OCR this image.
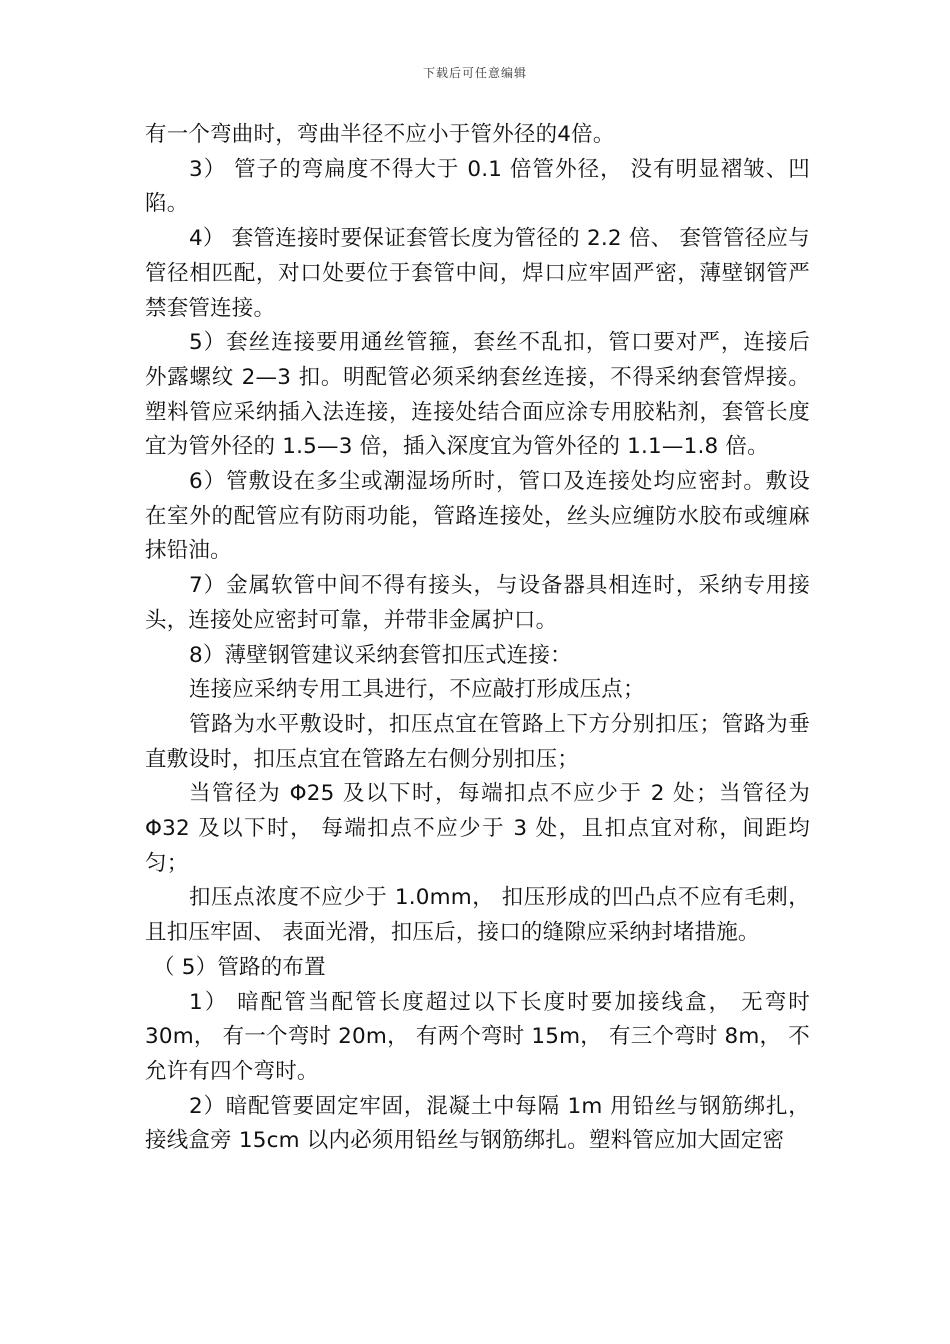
下载后可任意编辑

有一个弯曲时，弯曲半径不应小于管外径的4倍。

3） 管子的弯扁度不得大于 0.1 倍管外径， 没有明显褶皱、凹陷。

4） 套管连接时要保证套管长度为管径的 2.2 倍、 套管管径应与管径相匹配，对口处要位于套管中间，焊口应牢固严密，薄壁钢管严禁套管连接。

5）套丝连接要用通丝管箍，套丝不乱扣，管口要对严，连接后外露螺纹 2—3 扣。明配管必须采纳套丝连接，不得采纳套管焊接。塑料管应采纳插入法连接，连接处结合面应涂专用胶粘剂，套管长度宜为管外径的 1.5—3 倍，插入深度宜为管外径的 1.1—1.8 倍。

6）管敷设在多尘或潮湿场所时，管口及连接处均应密封。敷设在室外的配管应有防雨功能，管路连接处，丝头应缠防水胶布或缠麻抹铅油。

7）金属软管中间不得有接头，与设备器具相连时，采纳专用接头，连接处应密封可靠，并带非金属护口。

8）薄壁钢管建议采纳套管扣压式连接：

连接应采纳专用工具进行，不应敲打形成压点；

管路为水平敷设时，扣压点宜在管路上下方分别扣压；管路为垂直敷设时，扣压点宜在管路左右侧分别扣压；

当管径为 Φ25 及以下时，每端扣点不应少于 2 处；当管径为 Φ32 及以下时， 每端扣点不应少于 3 处，且扣点宜对称，间距均匀；

扣压点浓度不应少于 1.0mm， 扣压形成的凹凸点不应有毛刺，且扣压牢固、 表面光滑，扣压后，接口的缝隙应采纳封堵措施。

（ 5）管路的布置

1） 暗配管当配管长度超过以下长度时要加接线盒， 无弯时 30m， 有一个弯时 20m， 有两个弯时 15m， 有三个弯时 8m， 不允许有四个弯时。

2）暗配管要固定牢固，混凝土中每隔 1m 用铅丝与钢筋绑扎，接线盒旁 15cm 以内必须用铅丝与钢筋绑扎。塑料管应加大固定密
